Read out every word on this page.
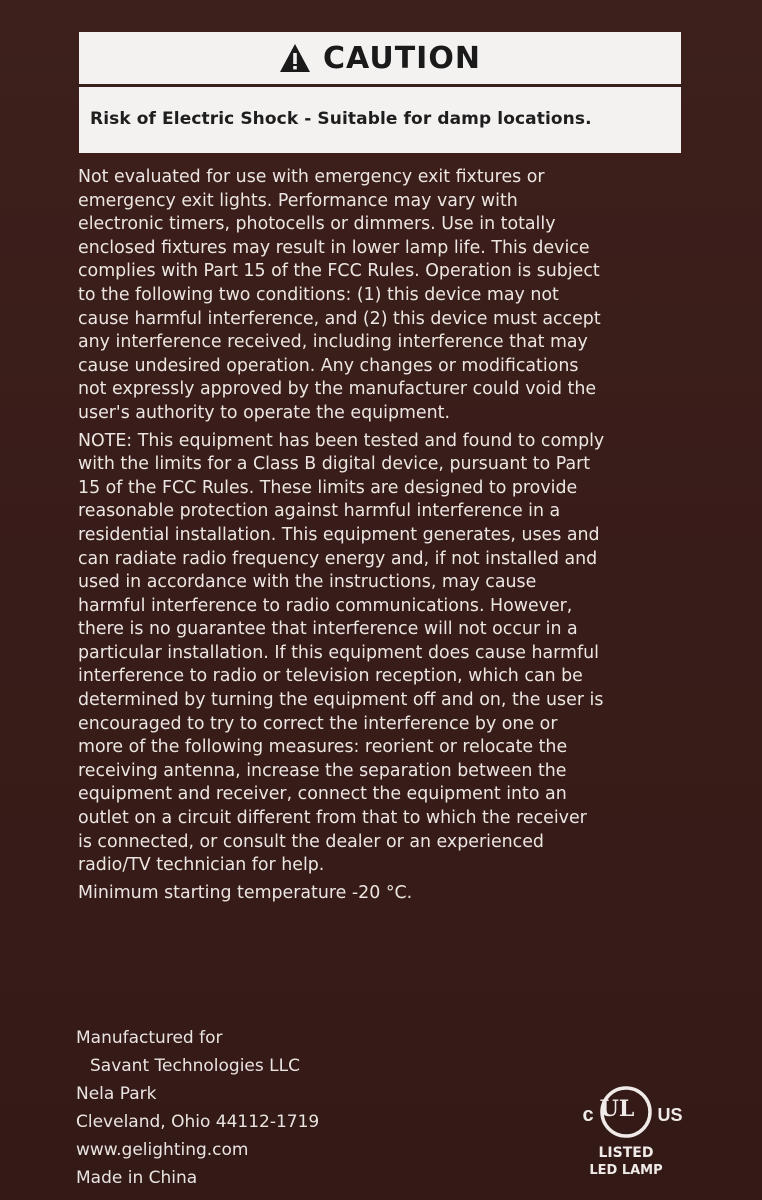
CAUTION
Risk of Electric Shock - Suitable for damp locations.

Not evaluated for use with emergency exit fixtures or
emergency exit lights. Performance may vary with
electronic timers, photocells or dimmers. Use in totally
enclosed fixtures may result in lower lamp life. This device
complies with Part 15 of the FCC Rules. Operation is subject
to the following two conditions: (1) this device may not
cause harmful interference, and (2) this device must accept
any interference received, including interference that may
cause undesired operation. Any changes or modifications
not expressly approved by the manufacturer could void the
user's authority to operate the equipment.

NOTE: This equipment has been tested and found to comply
with the limits for a Class B digital device, pursuant to Part
15 of the FCC Rules. These limits are designed to provide
reasonable protection against harmful interference in a
residential installation. This equipment generates, uses and
can radiate radio frequency energy and, if not installed and
used in accordance with the instructions, may cause
harmful interference to radio communications. However,
there is no guarantee that interference will not occur in a
particular installation. If this equipment does cause harmful
interference to radio or television reception, which can be
determined by turning the equipment off and on, the user is
encouraged to try to correct the interference by one or
more of the following measures: reorient or relocate the
receiving antenna, increase the separation between the
equipment and receiver, connect the equipment into an
outlet on a circuit different from that to which the receiver
is connected, or consult the dealer or an experienced
radio/TV technician for help.

Minimum starting temperature -20 °C.

Manufactured for
Savant Technologies LLC
Nela Park
Cleveland, Ohio 44112-1719
www.gelighting.com
Made in China
UL
c	US
LISTED
LED LAMP
